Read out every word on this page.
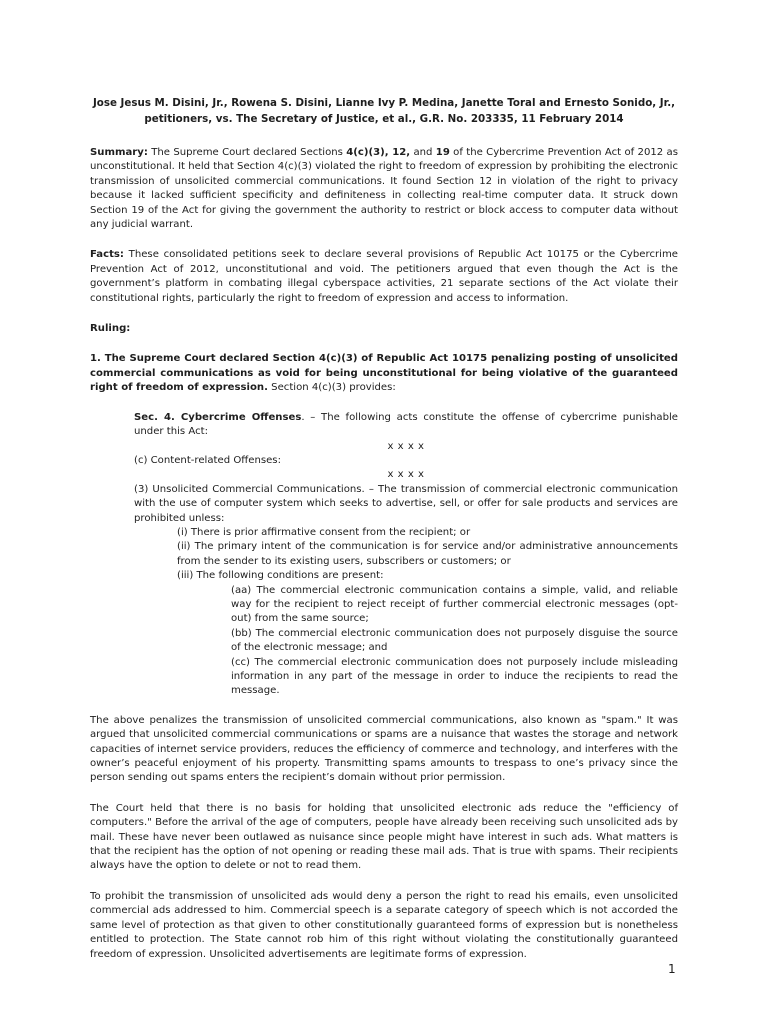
Jose Jesus M. Disini, Jr., Rowena S. Disini, Lianne Ivy P. Medina, Janette Toral and Ernesto Sonido, Jr.,
petitioners, vs. The Secretary of Justice, et al., G.R. No. 203335, 11 February 2014

Summary: The Supreme Court declared Sections 4(c)(3), 12, and 19 of the Cybercrime Prevention Act of 2012 as unconstitutional. It held that Section 4(c)(3) violated the right to freedom of expression by prohibiting the electronic transmission of unsolicited commercial communications. It found Section 12 in violation of the right to privacy because it lacked sufficient specificity and definiteness in collecting real-time computer data. It struck down Section 19 of the Act for giving the government the authority to restrict or block access to computer data without any judicial warrant.

Facts: These consolidated petitions seek to declare several provisions of Republic Act 10175 or the Cybercrime Prevention Act of 2012, unconstitutional and void. The petitioners argued that even though the Act is the government’s platform in combating illegal cyberspace activities, 21 separate sections of the Act violate their constitutional rights, particularly the right to freedom of expression and access to information.

Ruling:

1. The Supreme Court declared Section 4(c)(3) of Republic Act 10175 penalizing posting of unsolicited commercial communications as void for being unconstitutional for being violative of the guaranteed right of freedom of expression. Section 4(c)(3) provides:

Sec. 4. Cybercrime Offenses. – The following acts constitute the offense of cybercrime punishable under this Act:
x x x x
(c) Content-related Offenses:
x x x x
(3) Unsolicited Commercial Communications. – The transmission of commercial electronic communication with the use of computer system which seeks to advertise, sell, or offer for sale products and services are prohibited unless:
(i) There is prior affirmative consent from the recipient; or
(ii) The primary intent of the communication is for service and/or administrative announcements from the sender to its existing users, subscribers or customers; or
(iii) The following conditions are present:
(aa) The commercial electronic communication contains a simple, valid, and reliable way for the recipient to reject receipt of further commercial electronic messages (opt-out) from the same source;
(bb) The commercial electronic communication does not purposely disguise the source of the electronic message; and
(cc) The commercial electronic communication does not purposely include misleading information in any part of the message in order to induce the recipients to read the message.

The above penalizes the transmission of unsolicited commercial communications, also known as "spam." It was argued that unsolicited commercial communications or spams are a nuisance that wastes the storage and network capacities of internet service providers, reduces the efficiency of commerce and technology, and interferes with the owner’s peaceful enjoyment of his property. Transmitting spams amounts to trespass to one’s privacy since the person sending out spams enters the recipient’s domain without prior permission.

The Court held that there is no basis for holding that unsolicited electronic ads reduce the "efficiency of computers." Before the arrival of the age of computers, people have already been receiving such unsolicited ads by mail. These have never been outlawed as nuisance since people might have interest in such ads. What matters is that the recipient has the option of not opening or reading these mail ads. That is true with spams. Their recipients always have the option to delete or not to read them.

To prohibit the transmission of unsolicited ads would deny a person the right to read his emails, even unsolicited commercial ads addressed to him. Commercial speech is a separate category of speech which is not accorded the same level of protection as that given to other constitutionally guaranteed forms of expression but is nonetheless entitled to protection. The State cannot rob him of this right without violating the constitutionally guaranteed freedom of expression. Unsolicited advertisements are legitimate forms of expression.

1
